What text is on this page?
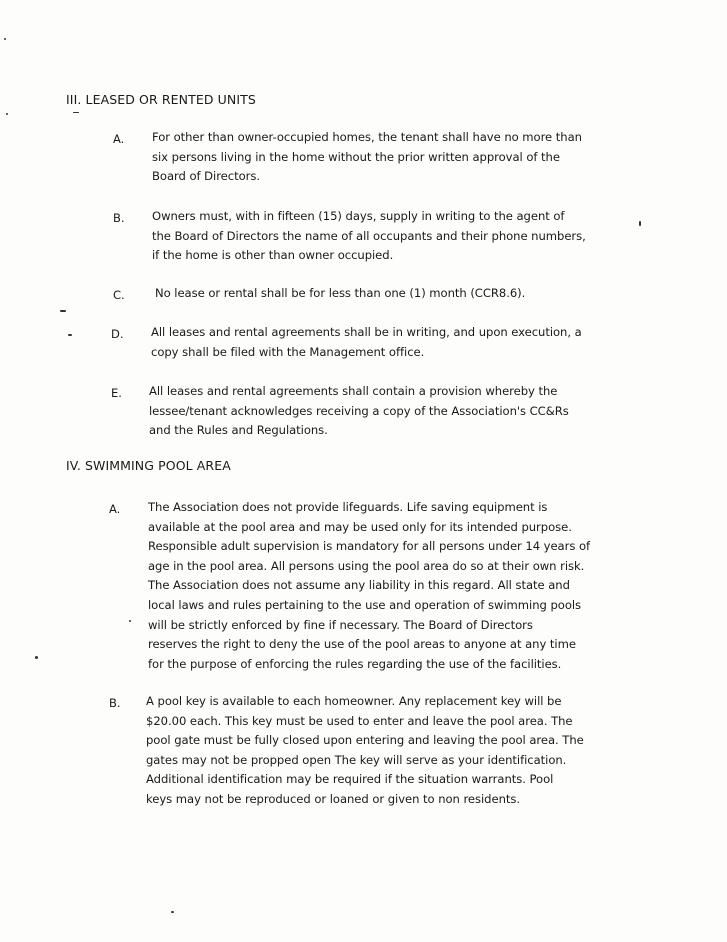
III. LEASED OR RENTED UNITS
A. For other than owner-occupied homes, the tenant shall have no more than
six persons living in the home without the prior written approval of the
Board of Directors.
B. Owners must, with in fifteen (15) days, supply in writing to the agent of
the Board of Directors the name of all occupants and their phone numbers,
if the home is other than owner occupied.
C.	No lease or rental shall be for less than one (1) month (CCR8.6).
D. All leases and rental agreements shall be in writing, and upon execution, a
copy shall be filed with the Management office.
E. All leases and rental agreements shall contain a provision whereby the
lessee/tenant acknowledges receiving a copy of the Association's CC&Rs
and the Rules and Regulations.
IV. SWIMMING POOL AREA
A. The Association does not provide lifeguards. Life saving equipment is
available at the pool area and may be used only for its intended purpose.
Responsible adult supervision is mandatory for all persons under 14 years of
age in the pool area. All persons using the pool area do so at their own risk.
The Association does not assume any liability in this regard. All state and
local laws and rules pertaining to the use and operation of swimming pools
will be strictly enforced by fine if necessary. The Board of Directors
reserves the right to deny the use of the pool areas to anyone at any time
for the purpose of enforcing the rules regarding the use of the facilities.
B. A pool key is available to each homeowner. Any replacement key will be
$20.00 each. This key must be used to enter and leave the pool area. The
pool gate must be fully closed upon entering and leaving the pool area. The
gates may not be propped open The key will serve as your identification.
Additional identification may be required if the situation warrants. Pool
keys may not be reproduced or loaned or given to non residents.
